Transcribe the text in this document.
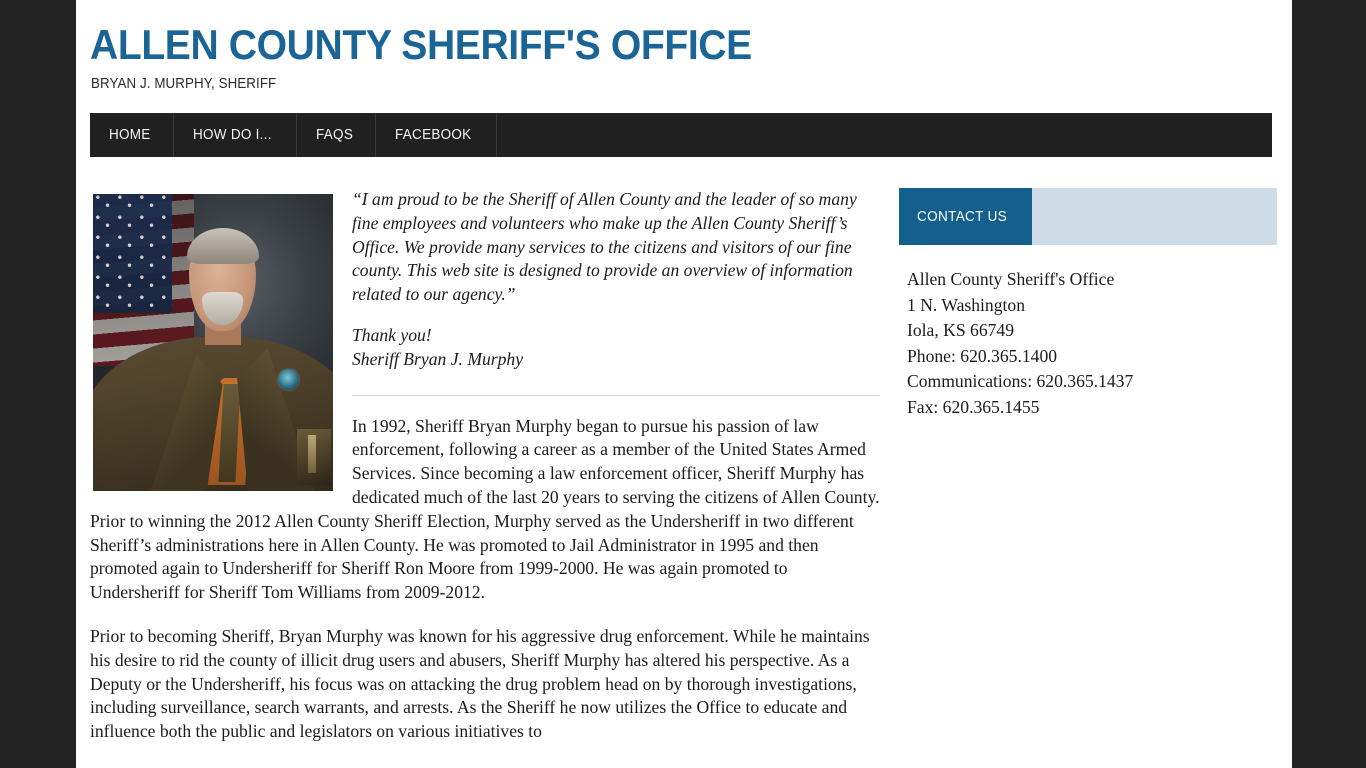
ALLEN COUNTY SHERIFF'S OFFICE
BRYAN J. MURPHY, SHERIFF
HOME	HOW DO I...	FAQS	FACEBOOK

“I am proud to be the Sheriff of Allen County and the leader of so many fine employees and volunteers who make up the Allen County Sheriff’s Office. We provide many services to the citizens and visitors of our fine county. This web site is designed to provide an overview of information related to our agency.”

Thank you!
Sheriff Bryan J. Murphy

In 1992, Sheriff Bryan Murphy began to pursue his passion of law enforcement, following a career as a member of the United States Armed Services. Since becoming a law enforcement officer, Sheriff Murphy has dedicated much of the last 20 years to serving the citizens of Allen County. Prior to winning the 2012 Allen County Sheriff Election, Murphy served as the Undersheriff in two different Sheriff’s administrations here in Allen County. He was promoted to Jail Administrator in 1995 and then promoted again to Undersheriff for Sheriff Ron Moore from 1999-2000. He was again promoted to Undersheriff for Sheriff Tom Williams from 2009-2012.

Prior to becoming Sheriff, Bryan Murphy was known for his aggressive drug enforcement. While he maintains his desire to rid the county of illicit drug users and abusers, Sheriff Murphy has altered his perspective. As a Deputy or the Undersheriff, his focus was on attacking the drug problem head on by thorough investigations, including surveillance, search warrants, and arrests. As the Sheriff he now utilizes the Office to educate and influence both the public and legislators on various initiatives to

CONTACT US
Allen County Sheriff's Office
1 N. Washington
Iola, KS 66749
Phone: 620.365.1400
Communications: 620.365.1437
Fax: 620.365.1455
